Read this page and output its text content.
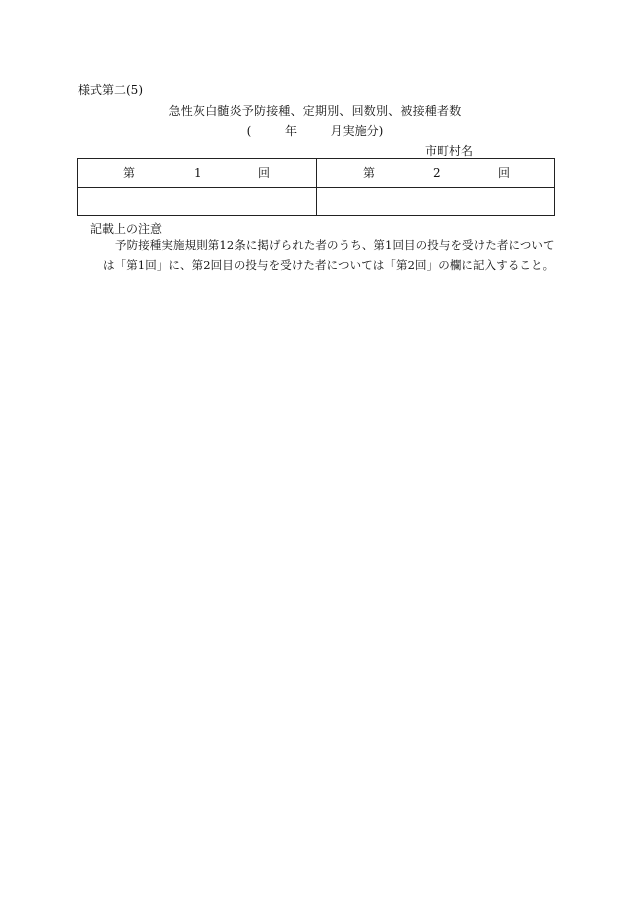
様式第二(5)
急性灰白髄炎予防接種、定期別、回数別、被接種者数
(	年	月実施分)
市町村名
第	1	回	第	2	回
記載上の注意
予防接種実施規則第12条に掲げられた者のうち、第1回目の投与を受けた者について
は「第1回」に、第2回目の投与を受けた者については「第2回」の欄に記入すること。
